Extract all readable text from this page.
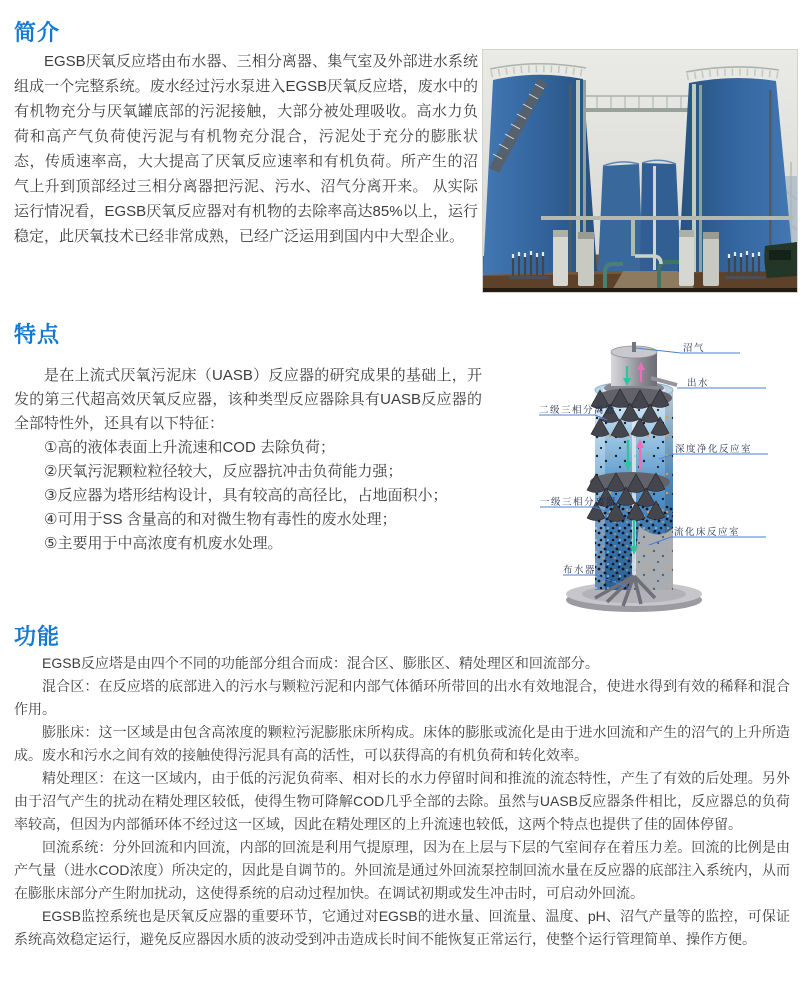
简介

EGSB厌氧反应塔由布水器、三相分离器、集气室及外部进水系统组成一个完整系统。废水经过污水泵进入EGSB厌氧反应塔，废水中的有机物充分与厌氧罐底部的污泥接触，大部分被处理吸收。高水力负荷和高产气负荷使污泥与有机物充分混合，污泥处于充分的膨胀状态，传质速率高，大大提高了厌氧反应速率和有机负荷。所产生的沼气上升到顶部经过三相分离器把污泥、污水、沼气分离开来。 从实际运行情况看，EGSB厌氧反应器对有机物的去除率高达85%以上，运行稳定，此厌氧技术已经非常成熟，已经广泛运用到国内中大型企业。

特点

是在上流式厌氧污泥床（UASB）反应器的研究成果的基础上，开发的第三代超高效厌氧反应器，该种类型反应器除具有UASB反应器的全部特性外，还具有以下特征：

①高的液体表面上升流速和COD 去除负荷；
②厌氧污泥颗粒粒径较大，反应器抗冲击负荷能力强；
③反应器为塔形结构设计，具有较高的高径比，占地面积小；
④可用于SS 含量高的和对微生物有毒性的废水处理；
⑤主要用于中高浓度有机废水处理。
沼气
出水
二级三相分离器
深度净化反应室
一级三相分离器
流化床反应室
布水器
功能

EGSB反应塔是由四个不同的功能部分组合而成：混合区、膨胀区、精处理区和回流部分。

混合区：在反应塔的底部进入的污水与颗粒污泥和内部气体循环所带回的出水有效地混合，使进水得到有效的稀释和混合作用。

膨胀床：这一区域是由包含高浓度的颗粒污泥膨胀床所构成。床体的膨胀或流化是由于进水回流和产生的沼气的上升所造成。废水和污水之间有效的接触使得污泥具有高的活性，可以获得高的有机负荷和转化效率。

精处理区：在这一区域内，由于低的污泥负荷率、相对长的水力停留时间和推流的流态特性，产生了有效的后处理。另外由于沼气产生的扰动在精处理区较低，使得生物可降解COD几乎全部的去除。虽然与UASB反应器条件相比，反应器总的负荷率较高，但因为内部循环体不经过这一区域，因此在精处理区的上升流速也较低，这两个特点也提供了佳的固体停留。

回流系统：分外回流和内回流，内部的回流是利用气提原理，因为在上层与下层的气室间存在着压力差。回流的比例是由产气量（进水COD浓度）所决定的，因此是自调节的。外回流是通过外回流泵控制回流水量在反应器的底部注入系统内，从而在膨胀床部分产生附加扰动，这使得系统的启动过程加快。在调试初期或发生冲击时，可启动外回流。

EGSB监控系统也是厌氧反应器的重要环节，它通过对EGSB的进水量、回流量、温度、pH、沼气产量等的监控，可保证系统高效稳定运行，避免反应器因水质的波动受到冲击造成长时间不能恢复正常运行，使整个运行管理简单、操作方便。
